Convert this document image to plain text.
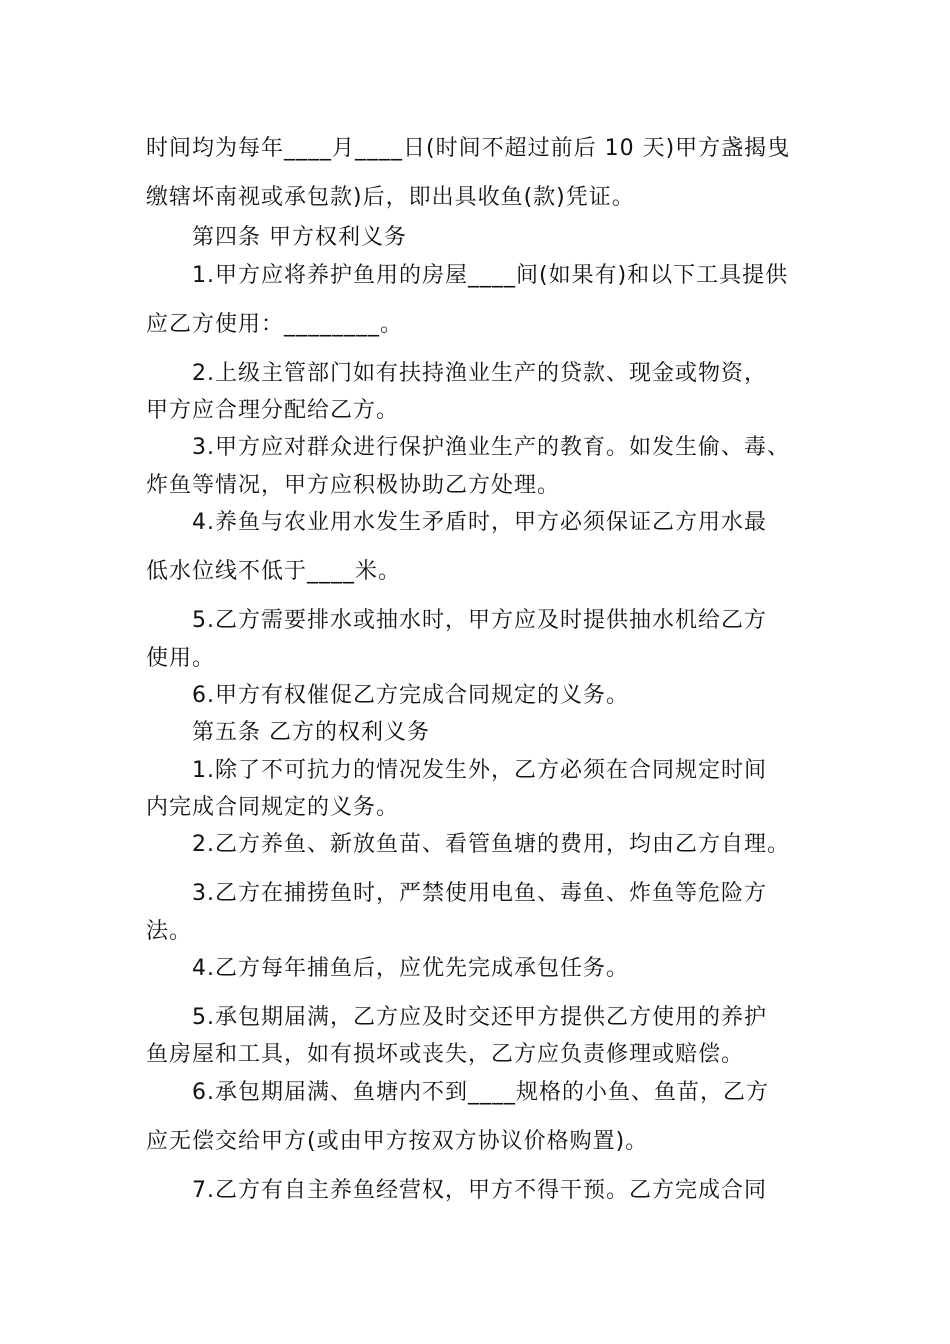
时间均为每年____月____日(时间不超过前后 10 天)甲方盏揭曳
缴辖坏南视或承包款)后，即出具收鱼(款)凭证。
第四条 甲方权利义务
1.甲方应将养护鱼用的房屋____间(如果有)和以下工具提供
应乙方使用：________。
2.上级主管部门如有扶持渔业生产的贷款、现金或物资，
甲方应合理分配给乙方。
3.甲方应对群众进行保护渔业生产的教育。如发生偷、毒、
炸鱼等情况，甲方应积极协助乙方处理。
4.养鱼与农业用水发生矛盾时，甲方必须保证乙方用水最
低水位线不低于____米。
5.乙方需要排水或抽水时，甲方应及时提供抽水机给乙方
使用。
6.甲方有权催促乙方完成合同规定的义务。
第五条 乙方的权利义务
1.除了不可抗力的情况发生外，乙方必须在合同规定时间
内完成合同规定的义务。
2.乙方养鱼、新放鱼苗、看管鱼塘的费用，均由乙方自理。
3.乙方在捕捞鱼时，严禁使用电鱼、毒鱼、炸鱼等危险方
法。
4.乙方每年捕鱼后，应优先完成承包任务。
5.承包期届满，乙方应及时交还甲方提供乙方使用的养护
鱼房屋和工具，如有损坏或丧失，乙方应负责修理或赔偿。
6.承包期届满、鱼塘内不到____规格的小鱼、鱼苗，乙方
应无偿交给甲方(或由甲方按双方协议价格购置)。
7.乙方有自主养鱼经营权，甲方不得干预。乙方完成合同
